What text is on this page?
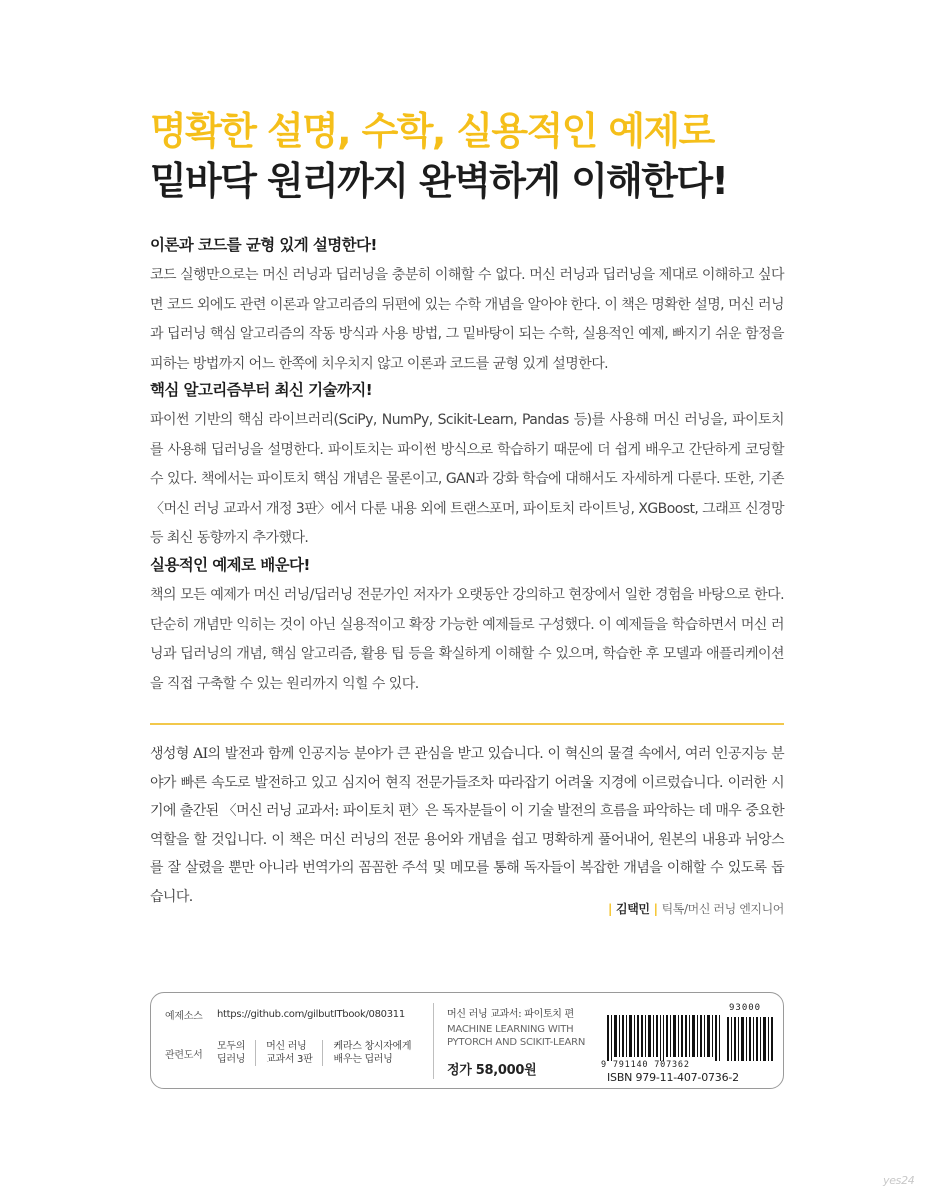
명확한 설명, 수학, 실용적인 예제로
밑바닥 원리까지 완벽하게 이해한다!
이론과 코드를 균형 있게 설명한다!
코드 실행만으로는 머신 러닝과 딥러닝을 충분히 이해할 수 없다. 머신 러닝과 딥러닝을 제대로 이해하고 싶다면 코드 외에도 관련 이론과 알고리즘의 뒤편에 있는 수학 개념을 알아야 한다. 이 책은 명확한 설명, 머신 러닝과 딥러닝 핵심 알고리즘의 작동 방식과 사용 방법, 그 밑바탕이 되는 수학, 실용적인 예제, 빠지기 쉬운 함정을 피하는 방법까지 어느 한쪽에 치우치지 않고 이론과 코드를 균형 있게 설명한다.
핵심 알고리즘부터 최신 기술까지!
파이썬 기반의 핵심 라이브러리(SciPy, NumPy, Scikit-Learn, Pandas 등)를 사용해 머신 러닝을, 파이토치를 사용해 딥러닝을 설명한다. 파이토치는 파이썬 방식으로 학습하기 때문에 더 쉽게 배우고 간단하게 코딩할 수 있다. 책에서는 파이토치 핵심 개념은 물론이고, GAN과 강화 학습에 대해서도 자세하게 다룬다. 또한, 기존 〈머신 러닝 교과서 개정 3판〉에서 다룬 내용 외에 트랜스포머, 파이토치 라이트닝, XGBoost, 그래프 신경망 등 최신 동향까지 추가했다.
실용적인 예제로 배운다!
책의 모든 예제가 머신 러닝/딥러닝 전문가인 저자가 오랫동안 강의하고 현장에서 일한 경험을 바탕으로 한다. 단순히 개념만 익히는 것이 아닌 실용적이고 확장 가능한 예제들로 구성했다. 이 예제들을 학습하면서 머신 러닝과 딥러닝의 개념, 핵심 알고리즘, 활용 팁 등을 확실하게 이해할 수 있으며, 학습한 후 모델과 애플리케이션을 직접 구축할 수 있는 원리까지 익힐 수 있다.
생성형 AI의 발전과 함께 인공지능 분야가 큰 관심을 받고 있습니다. 이 혁신의 물결 속에서, 여러 인공지능 분야가 빠른 속도로 발전하고 있고 심지어 현직 전문가들조차 따라잡기 어려울 지경에 이르렀습니다. 이러한 시기에 출간된 〈머신 러닝 교과서: 파이토치 편〉은 독자분들이 이 기술 발전의 흐름을 파악하는 데 매우 중요한 역할을 할 것입니다. 이 책은 머신 러닝의 전문 용어와 개념을 쉽고 명확하게 풀어내어, 원본의 내용과 뉘앙스를 잘 살렸을 뿐만 아니라 번역가의 꼼꼼한 주석 및 메모를 통해 독자들이 복잡한 개념을 이해할 수 있도록 돕습니다.
| 김택민 | 틱톡/머신 러닝 엔지니어
예제소스	https://github.com/gilbutITbook/080311
관련도서
모두의
딥러닝
머신 러닝
교과서 3판
케라스 창시자에게
배우는 딥러닝
머신 러닝 교과서: 파이토치 편
MACHINE LEARNING WITH
PYTORCH AND SCIKIT-LEARN
정가 58,000원
93000
9 791140 707362
ISBN 979-11-407-0736-2
yes24
